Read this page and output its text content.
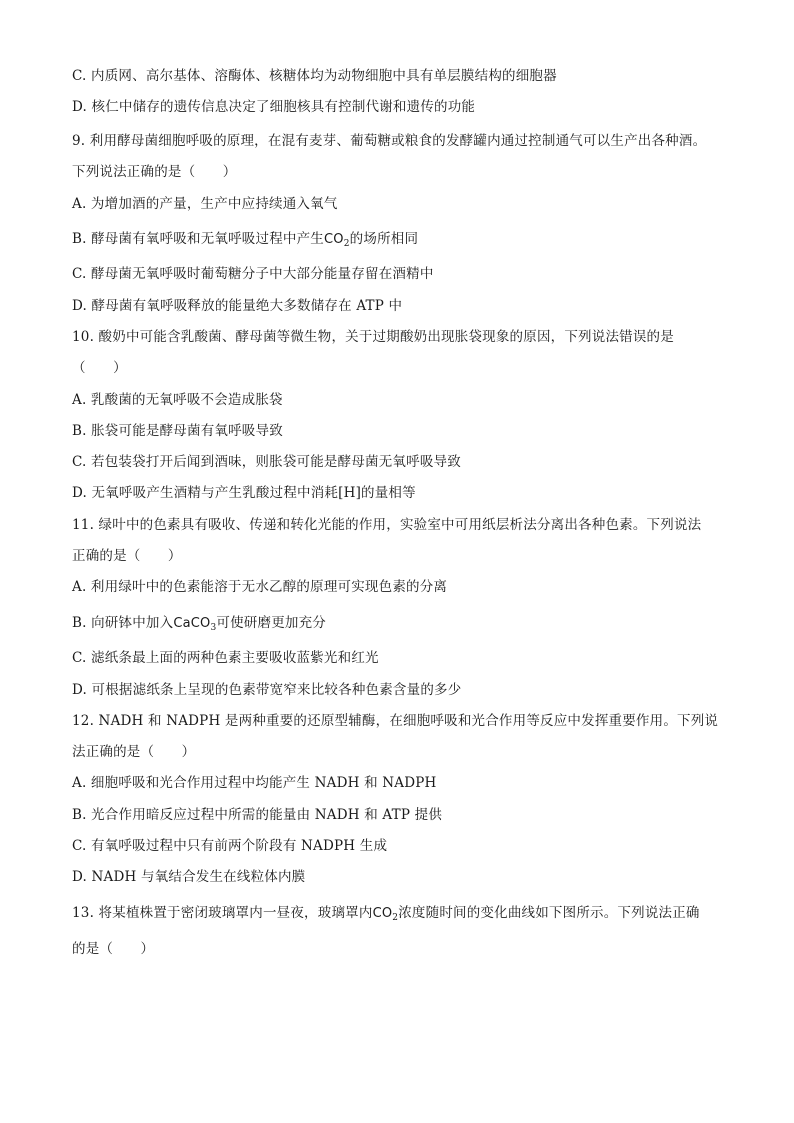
C. 内质网、高尔基体、溶酶体、核糖体均为动物细胞中具有单层膜结构的细胞器
D. 核仁中储存的遗传信息决定了细胞核具有控制代谢和遗传的功能
9. 利用酵母菌细胞呼吸的原理，在混有麦芽、葡萄糖或粮食的发酵罐内通过控制通气可以生产出各种酒。
下列说法正确的是（　　）
A. 为增加酒的产量，生产中应持续通入氧气
B. 酵母菌有氧呼吸和无氧呼吸过程中产生$CO_2$的场所相同
C. 酵母菌无氧呼吸时葡萄糖分子中大部分能量存留在酒精中
D. 酵母菌有氧呼吸释放的能量绝大多数储存在 ATP 中
10. 酸奶中可能含乳酸菌、酵母菌等微生物，关于过期酸奶出现胀袋现象的原因，下列说法错误的是
（　　）
A. 乳酸菌的无氧呼吸不会造成胀袋
B. 胀袋可能是酵母菌有氧呼吸导致
C. 若包装袋打开后闻到酒味，则胀袋可能是酵母菌无氧呼吸导致
D. 无氧呼吸产生酒精与产生乳酸过程中消耗[H]的量相等
11. 绿叶中的色素具有吸收、传递和转化光能的作用，实验室中可用纸层析法分离出各种色素。下列说法
正确的是（　　）
A. 利用绿叶中的色素能溶于无水乙醇的原理可实现色素的分离
B. 向研钵中加入CaCO$_3$可使研磨更加充分
C. 滤纸条最上面的两种色素主要吸收蓝紫光和红光
D. 可根据滤纸条上呈现的色素带宽窄来比较各种色素含量的多少
12. NADH 和 NADPH 是两种重要的还原型辅酶，在细胞呼吸和光合作用等反应中发挥重要作用。下列说
法正确的是（　　）
A. 细胞呼吸和光合作用过程中均能产生 NADH 和 NADPH
B. 光合作用暗反应过程中所需的能量由 NADH 和 ATP 提供
C. 有氧呼吸过程中只有前两个阶段有 NADPH 生成
D. NADH 与氧结合发生在线粒体内膜
13. 将某植株置于密闭玻璃罩内一昼夜，玻璃罩内$CO_2$浓度随时间的变化曲线如下图所示。下列说法正确
的是（　　）
